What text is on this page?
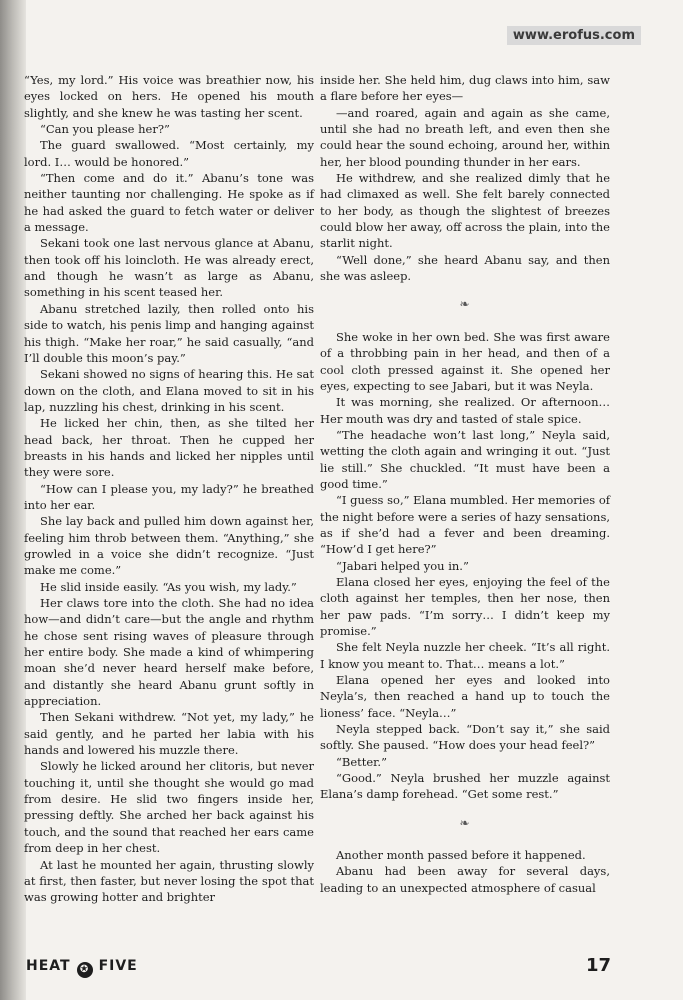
www.erofus.com

“Yes, my lord.” His voice was breathier now, his eyes locked on hers. He opened his mouth slightly, and she knew he was tasting her scent.

“Can you please her?”

The guard swallowed. “Most certainly, my lord. I… would be honored.”

“Then come and do it.” Abanu’s tone was neither taunting nor challenging. He spoke as if he had asked the guard to fetch water or deliver a message.

Sekani took one last nervous glance at Abanu, then took off his loincloth. He was already erect, and though he wasn’t as large as Abanu, something in his scent teased her.

Abanu stretched lazily, then rolled onto his side to watch, his penis limp and hanging against his thigh. “Make her roar,” he said casually, “and I’ll double this moon’s pay.”

Sekani showed no signs of hearing this. He sat down on the cloth, and Elana moved to sit in his lap, nuzzling his chest, drinking in his scent.

He licked her chin, then, as she tilted her head back, her throat. Then he cupped her breasts in his hands and licked her nipples until they were sore.

“How can I please you, my lady?” he breathed into her ear.

She lay back and pulled him down against her, feeling him throb between them. “Anything,” she growled in a voice she didn’t recognize. “Just make me come.”

He slid inside easily. “As you wish, my lady.”

Her claws tore into the cloth. She had no idea how—and didn’t care—but the angle and rhythm he chose sent rising waves of pleasure through her entire body. She made a kind of whimpering moan she’d never heard herself make before, and distantly she heard Abanu grunt softly in appreciation.

Then Sekani withdrew. “Not yet, my lady,” he said gently, and he parted her labia with his hands and lowered his muzzle there.

Slowly he licked around her clitoris, but never touching it, until she thought she would go mad from desire. He slid two fingers inside her, pressing deftly. She arched her back against his touch, and the sound that reached her ears came from deep in her chest.

At last he mounted her again, thrusting slowly at first, then faster, but never losing the spot that was growing hotter and brighter

inside her. She held him, dug claws into him, saw a flare before her eyes—

—and roared, again and again as she came, until she had no breath left, and even then she could hear the sound echoing, around her, within her, her blood pounding thunder in her ears.

He withdrew, and she realized dimly that he had climaxed as well. She felt barely connected to her body, as though the slightest of breezes could blow her away, off across the plain, into the starlit night.

“Well done,” she heard Abanu say, and then she was asleep.

❧

She woke in her own bed. She was first aware of a throbbing pain in her head, and then of a cool cloth pressed against it. She opened her eyes, expecting to see Jabari, but it was Neyla.

It was morning, she realized. Or afternoon… Her mouth was dry and tasted of stale spice.

“The headache won’t last long,” Neyla said, wetting the cloth again and wringing it out. “Just lie still.” She chuckled. “It must have been a good time.”

“I guess so,” Elana mumbled. Her memories of the night before were a series of hazy sensations, as if she’d had a fever and been dreaming. “How’d I get here?”

“Jabari helped you in.”

Elana closed her eyes, enjoying the feel of the cloth against her temples, then her nose, then her paw pads. “I’m sorry… I didn’t keep my promise.”

She felt Neyla nuzzle her cheek. “It’s all right. I know you meant to. That… means a lot.”

Elana opened her eyes and looked into Neyla’s, then reached a hand up to touch the lioness’ face. “Neyla…”

Neyla stepped back. “Don’t say it,” she said softly. She paused. “How does your head feel?”

“Better.”

“Good.” Neyla brushed her muzzle against Elana’s damp forehead. “Get some rest.”

❧

Another month passed before it happened.

Abanu had been away for several days, leading to an unexpected atmosphere of casual

HEAT ✪ FIVE	17
